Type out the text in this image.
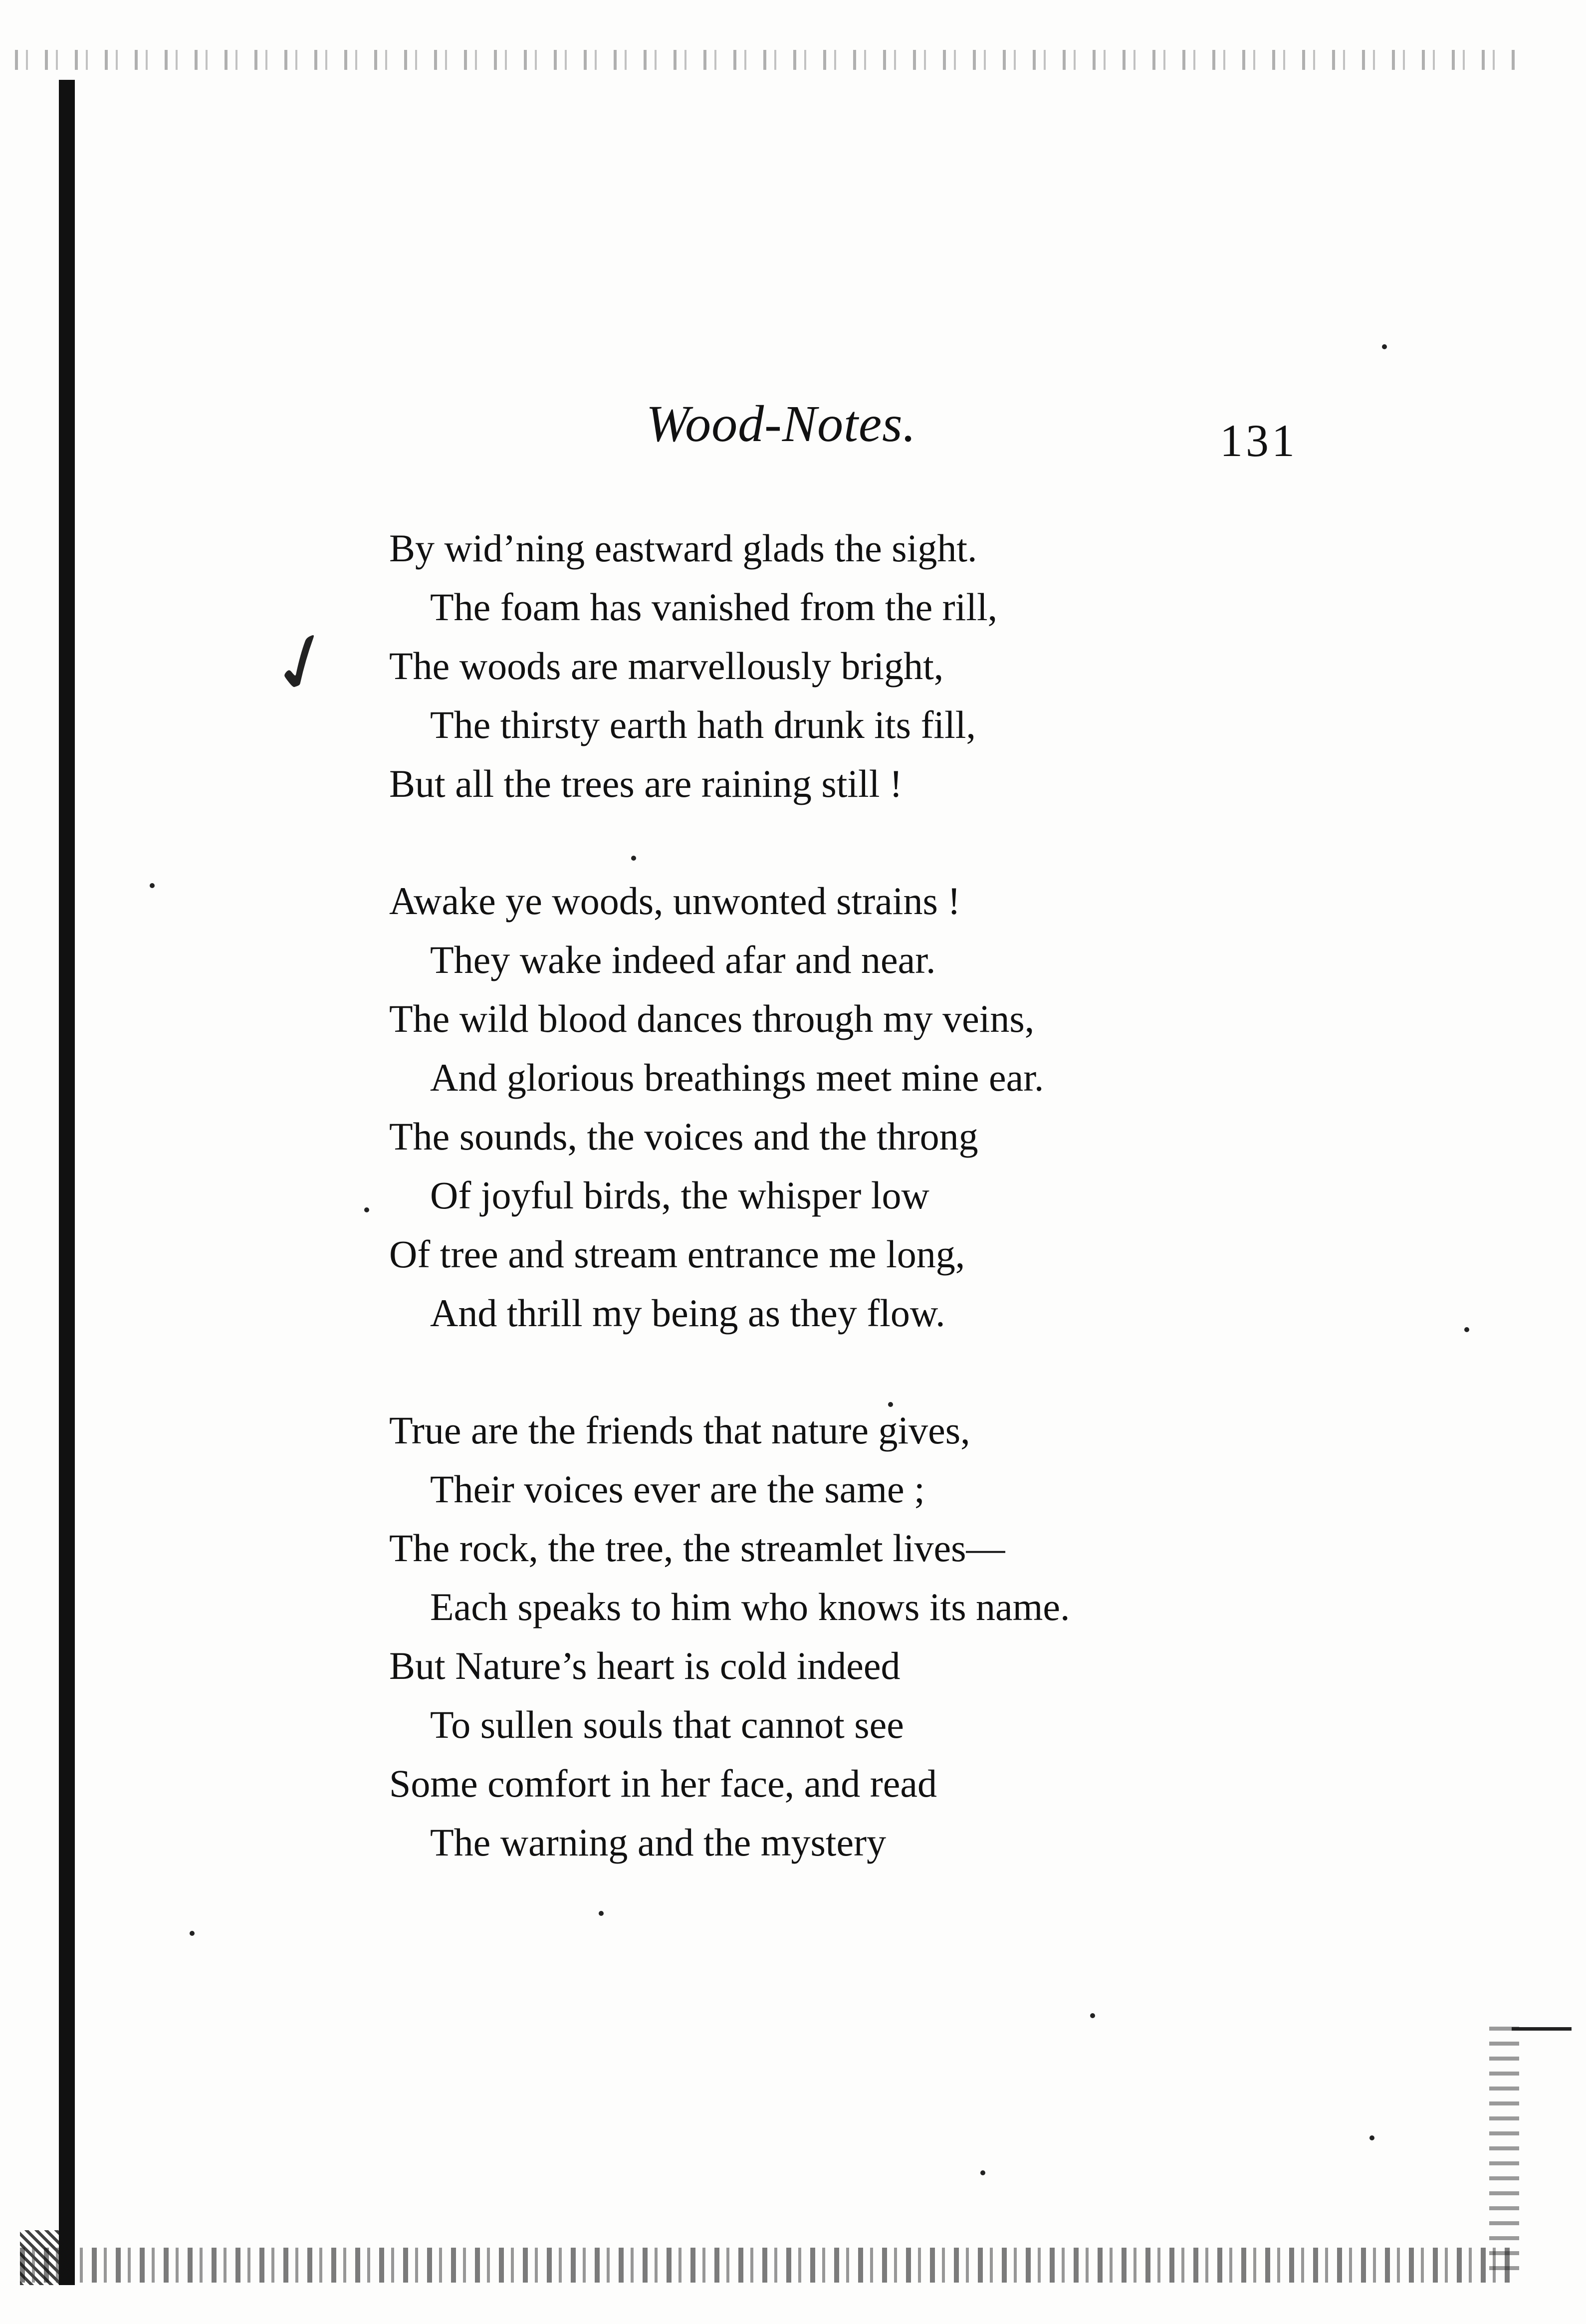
✓
Wood-Notes.	131
By wid’ning eastward glads the sight.
The foam has vanished from the rill,
The woods are marvellously bright,
The thirsty earth hath drunk its fill,
But all the trees are raining still !
Awake ye woods, unwonted strains !
They wake indeed afar and near.
The wild blood dances through my veins,
And glorious breathings meet mine ear.
The sounds, the voices and the throng
Of joyful birds, the whisper low
Of tree and stream entrance me long,
And thrill my being as they flow.
True are the friends that nature gives,
Their voices ever are the same ;
The rock, the tree, the streamlet lives—
Each speaks to him who knows its name.
But Nature’s heart is cold indeed
To sullen souls that cannot see
Some comfort in her face, and read
The warning and the mystery
